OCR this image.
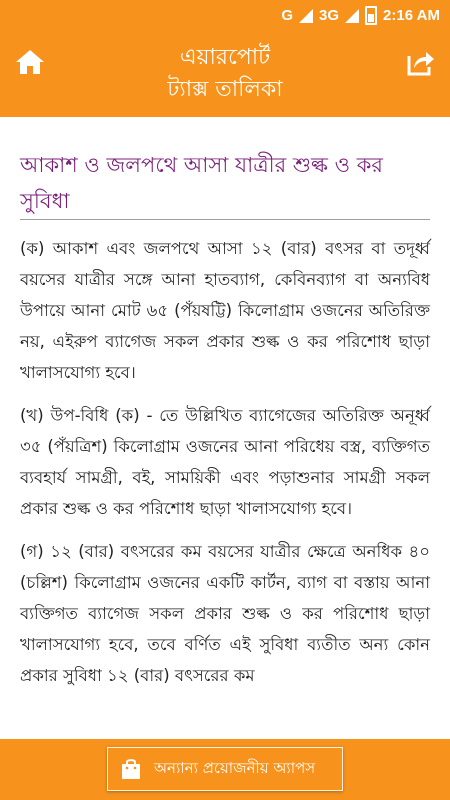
G 3G	2:16 AM
এয়ারপোর্ট
ট্যাক্স তালিকা
আকাশ ও জলপথে আসা যাত্রীর শুল্ক ও কর সুবিধা

(ক) আকাশ এবং জলপথে আসা ১২ (বার) বৎসর বা তদূর্ধ্ব বয়সের যাত্রীর সঙ্গে আনা হাতব্যাগ, কেবিনব্যাগ বা অন্যবিধ উপায়ে আনা মোট ৬৫ (পঁয়ষট্টি) কিলোগ্রাম ওজনের অতিরিক্ত নয়, এইরুপ ব্যাগেজ সকল প্রকার শুল্ক ও কর পরিশোধ ছাড়া খালাসযোগ্য হবে।

(খ) উপ-বিধি (ক) - তে উল্লিখিত ব্যাগেজের অতিরিক্ত অনূর্ধ্ব ৩৫ (পঁয়ত্রিশ) কিলোগ্রাম ওজনের আনা পরিধেয় বস্ত্র, ব্যক্তিগত ব্যবহার্য সামগ্রী, বই, সাময়িকী এবং পড়াশুনার সামগ্রী সকল প্রকার শুল্ক ও কর পরিশোধ ছাড়া খালাসযোগ্য হবে।

(গ) ১২ (বার) বৎসরের কম বয়সের যাত্রীর ক্ষেত্রে অনধিক ৪০ (চল্লিশ) কিলোগ্রাম ওজনের একটি কার্টন, ব্যাগ বা বস্তায় আনা ব্যক্তিগত ব্যাগেজ সকল প্রকার শুল্ক ও কর পরিশোধ ছাড়া খালাসযোগ্য হবে, তবে বর্ণিত এই সুবিধা ব্যতীত অন্য কোন প্রকার সুবিধা ১২ (বার) বৎসরের কম

অন্যান্য প্রয়োজনীয় অ্যাপস
